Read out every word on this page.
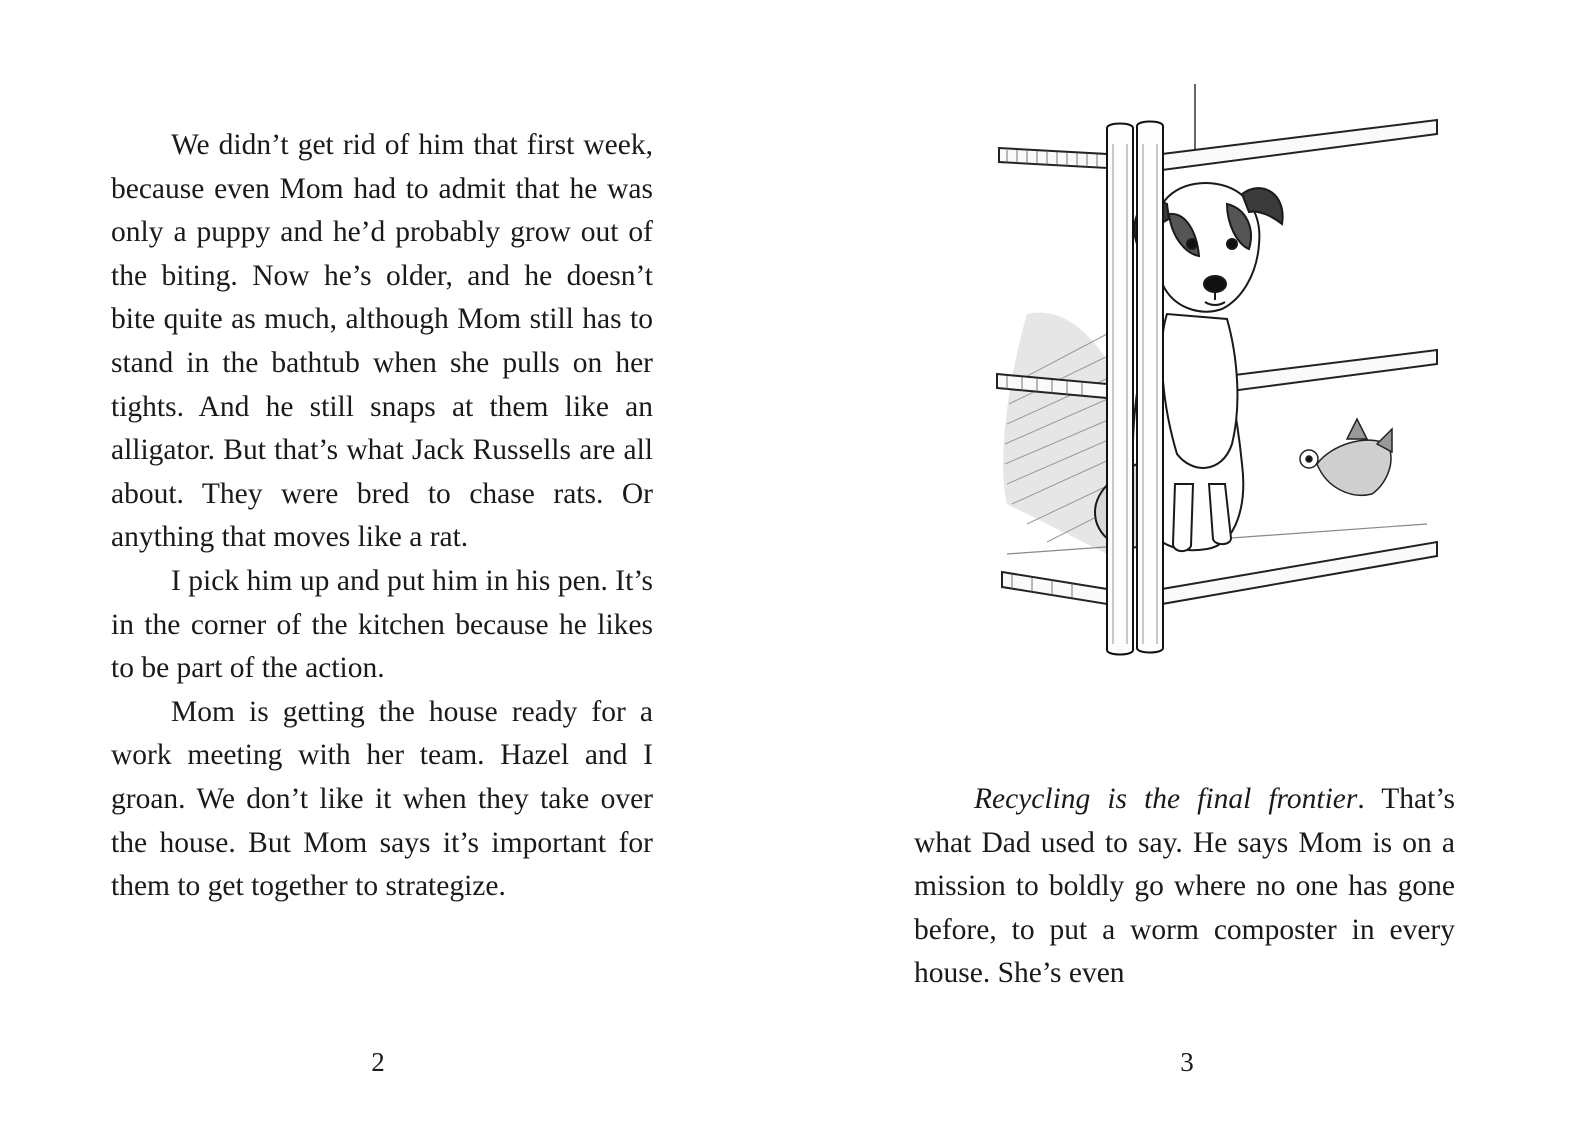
We didn’t get rid of him that first week, because even Mom had to admit that he was only a puppy and he’d probably grow out of the biting. Now he’s older, and he doesn’t bite quite as much, although Mom still has to stand in the bathtub when she pulls on her tights. And he still snaps at them like an alligator. But that’s what Jack Russells are all about. They were bred to chase rats. Or anything that moves like a rat.

I pick him up and put him in his pen. It’s in the corner of the kitchen because he likes to be part of the action.

Mom is getting the house ready for a work meeting with her team. Hazel and I groan. We don’t like it when they take over the house. But Mom says it’s important for them to get together to strategize.

2

Recycling is the final frontier. That’s what Dad used to say. He says Mom is on a mission to boldly go where no one has gone before, to put a worm composter in every house. She’s even

3
